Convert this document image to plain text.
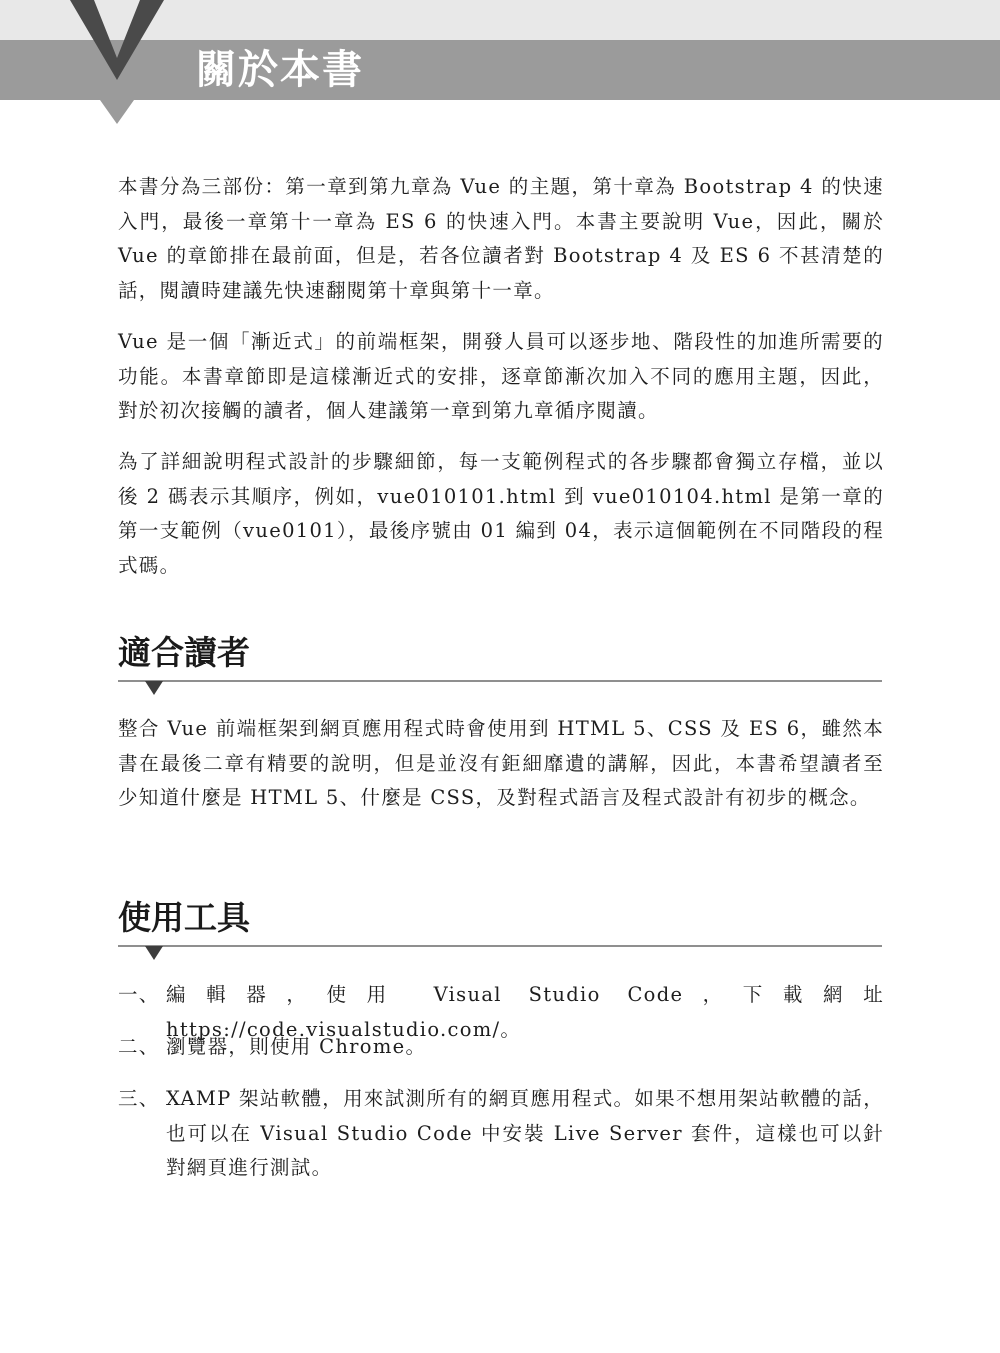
關於本書

本書分為三部份：第一章到第九章為 Vue 的主題，第十章為 Bootstrap 4 的快速入門，最後一章第十一章為 ES 6 的快速入門。本書主要說明 Vue，因此，關於 Vue 的章節排在最前面，但是，若各位讀者對 Bootstrap 4 及 ES 6 不甚清楚的話，閱讀時建議先快速翻閱第十章與第十一章。

Vue 是一個「漸近式」的前端框架，開發人員可以逐步地、階段性的加進所需要的功能。本書章節即是這樣漸近式的安排，逐章節漸次加入不同的應用主題，因此，對於初次接觸的讀者，個人建議第一章到第九章循序閱讀。

為了詳細說明程式設計的步驟細節，每一支範例程式的各步驟都會獨立存檔，並以後 2 碼表示其順序，例如，vue010101.html 到 vue010104.html 是第一章的第一支範例（vue0101），最後序號由 01 編到 04，表示這個範例在不同階段的程式碼。

適合讀者

整合 Vue 前端框架到網頁應用程式時會使用到 HTML 5、CSS 及 ES 6，雖然本書在最後二章有精要的說明，但是並沒有鉅細靡遺的講解，因此，本書希望讀者至少知道什麼是 HTML 5、什麼是 CSS，及對程式語言及程式設計有初步的概念。

使用工具
一、 編輯器，使用 Visual Studio Code，下載網址 https://code.visualstudio.com/。
二、 瀏覽器，則使用 Chrome。
三、 XAMP 架站軟體，用來試測所有的網頁應用程式。如果不想用架站軟體的話，也可以在 Visual Studio Code 中安裝 Live Server 套件，這樣也可以針對網頁進行測試。
